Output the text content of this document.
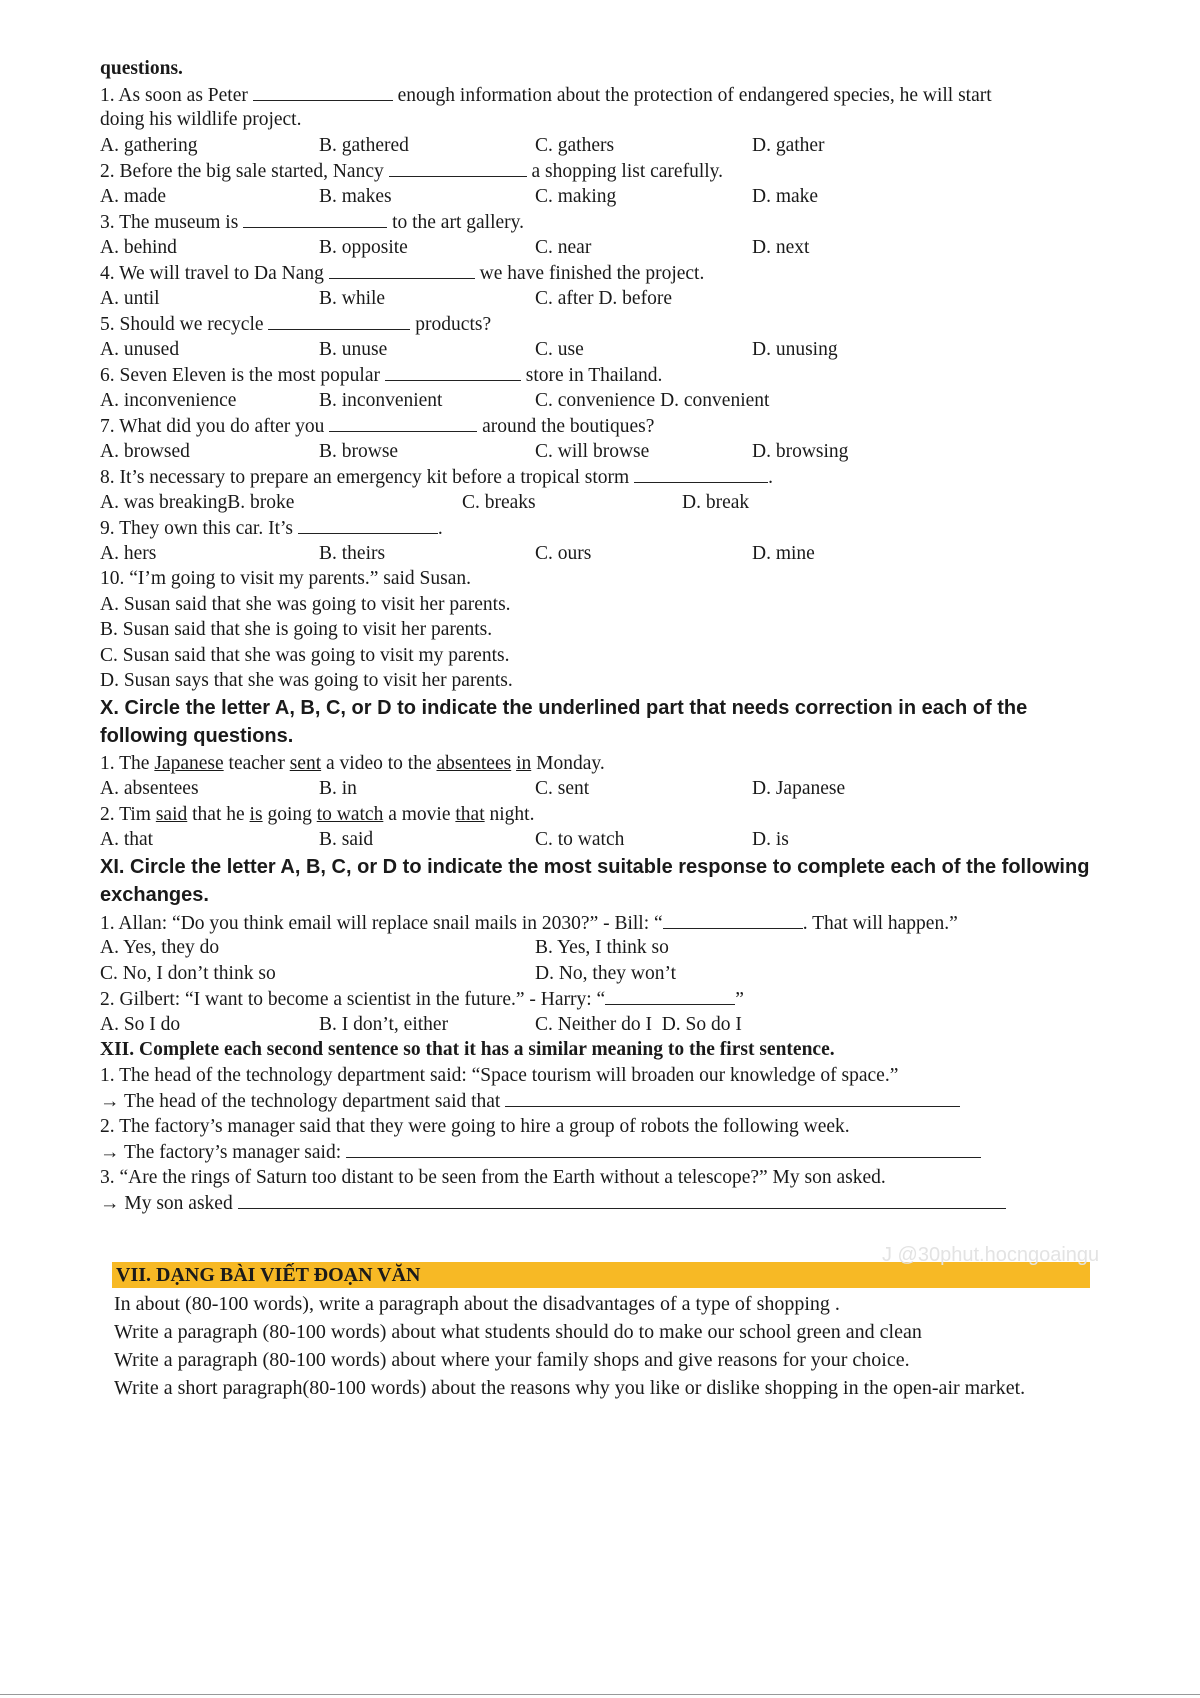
questions.
1. As soon as Peter	enough information about the protection of endangered species, he will start
doing his wildlife project.
A. gathering	B. gathered	C. gathers	D. gather
2. Before the big sale started, Nancy	a shopping list carefully.
A. made	B. makes	C. making	D. make
3. The museum is	to the art gallery.
A. behind	B. opposite	C. near	D. next
4. We will travel to Da Nang	we have finished the project.
A. until	B. while	C. after D. before
5. Should we recycle	products?
A. unused	B. unuse	C. use	D. unusing
6. Seven Eleven is the most popular	store in Thailand.
A. inconvenience	B. inconvenient	C. convenience D. convenient
7. What did you do after you	around the boutiques?
A. browsed	B. browse	C. will browse	D. browsing
8. It’s necessary to prepare an emergency kit before a tropical storm	.
A. was breakingB. broke	C. breaks	D. break
9. They own this car. It’s	.
A. hers	B. theirs	C. ours	D. mine
10. “I’m going to visit my parents.” said Susan.
A. Susan said that she was going to visit her parents.
B. Susan said that she is going to visit her parents.
C. Susan said that she was going to visit my parents.
D. Susan says that she was going to visit her parents.
X. Circle the letter A, B, C, or D to indicate the underlined part that needs correction in each of the following questions.
1. The Japanese teacher sent a video to the absentees in Monday.
A. absentees	B. in	C. sent	D. Japanese
2. Tim said that he is going to watch a movie that night.
A. that	B. said	C. to watch	D. is
XI. Circle the letter A, B, C, or D to indicate the most suitable response to complete each of the following exchanges.
1. Allan: “Do you think email will replace snail mails in 2030?” - Bill: “	. That will happen.”
A. Yes, they do	B. Yes, I think so
C. No, I don’t think so	D. No, they won’t
2. Gilbert: “I want to become a scientist in the future.” - Harry: “	”
A. So I do	B. I don’t, either	C. Neither do I  D. So do I
XII. Complete each second sentence so that it has a similar meaning to the first sentence.
1. The head of the technology department said: “Space tourism will broaden our knowledge of space.”
→ The head of the technology department said that
2. The factory’s manager said that they were going to hire a group of robots the following week.
→ The factory’s manager said:
3. “Are the rings of Saturn too distant to be seen from the Earth without a telescope?” My son asked.
→ My son asked
VII. DẠNG BÀI VIẾT ĐOẠN VĂN
J @30phut.hocngoaingu

In about (80-100 words), write a paragraph about the disadvantages of a type of shopping .

Write a paragraph (80-100 words) about what students should do to make our school green and clean

Write a paragraph (80-100 words) about where your family shops and give reasons for your choice.

Write a short paragraph(80-100 words) about the reasons why you like or dislike shopping in the open-air market.
